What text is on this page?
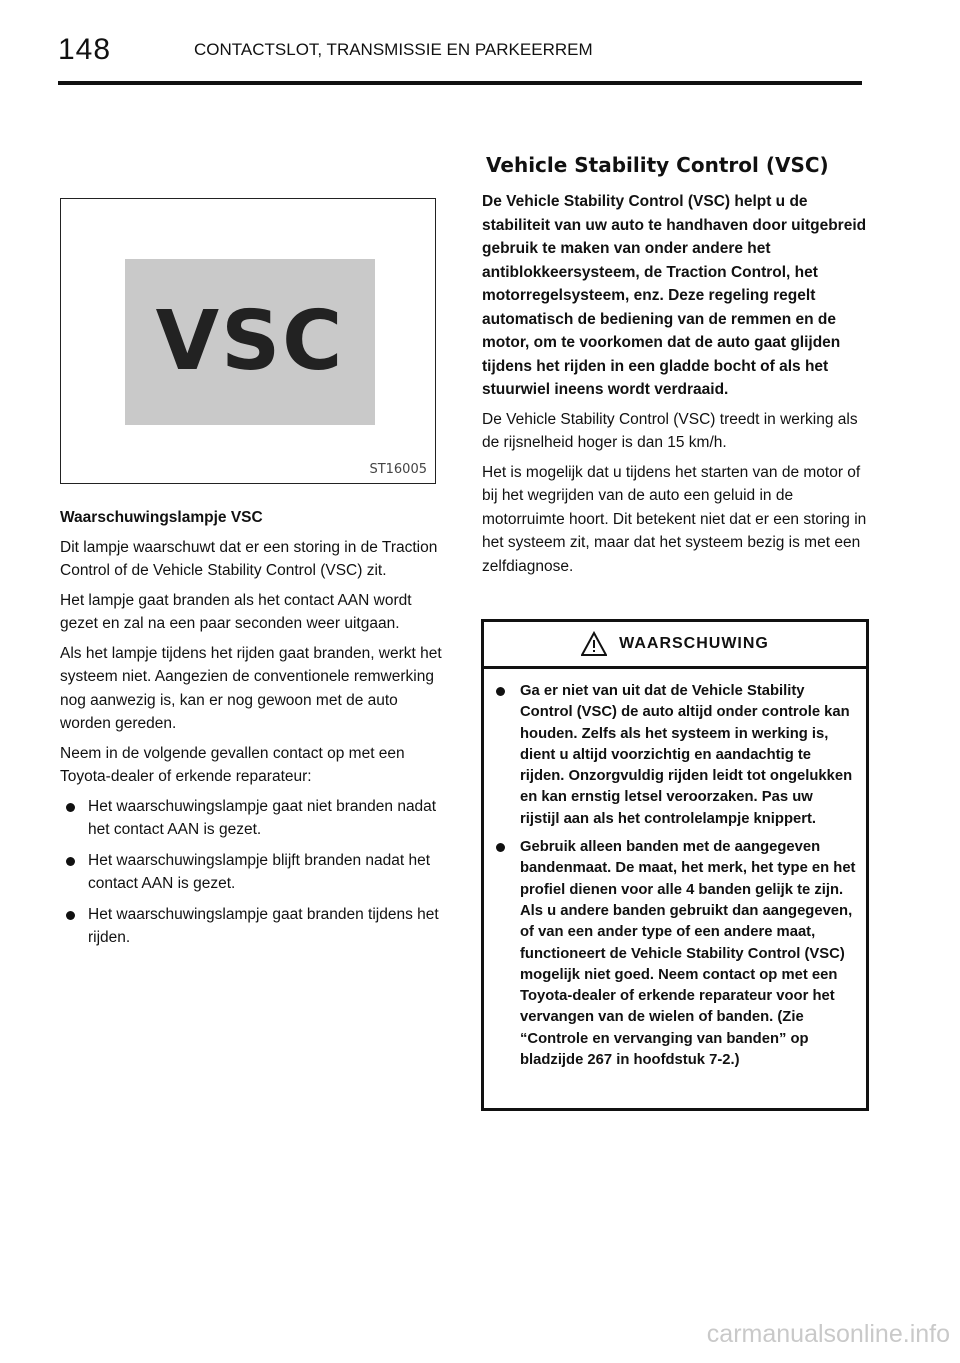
148	CONTACTSLOT, TRANSMISSIE EN PARKEERREM
VSC
ST16005

Waarschuwingslampje VSC

Dit lampje waarschuwt dat er een storing in de Traction Control of de Vehicle Stability Control (VSC) zit.

Het lampje gaat branden als het contact AAN wordt gezet en zal na een paar seconden weer uitgaan.

Als het lampje tijdens het rijden gaat branden, werkt het systeem niet. Aangezien de conventionele remwerking nog aanwezig is, kan er nog gewoon met de auto worden gereden.

Neem in de volgende gevallen contact op met een Toyota-dealer of erkende reparateur:

Het waarschuwingslampje gaat niet branden nadat het contact AAN is gezet.
Het waarschuwingslampje blijft branden nadat het contact AAN is gezet.
Het waarschuwingslampje gaat branden tijdens het rijden.
Vehicle Stability Control (VSC)

De Vehicle Stability Control (VSC) helpt u de stabiliteit van uw auto te handhaven door uitgebreid gebruik te maken van onder andere het antiblokkeersysteem, de Traction Control, het motorregelsysteem, enz. Deze regeling regelt automatisch de bediening van de remmen en de motor, om te voorkomen dat de auto gaat glijden tijdens het rijden in een gladde bocht of als het stuurwiel ineens wordt verdraaid.

De Vehicle Stability Control (VSC) treedt in werking als de rijsnelheid hoger is dan 15 km/h.

Het is mogelijk dat u tijdens het starten van de motor of bij het wegrijden van de auto een geluid in de motorruimte hoort. Dit betekent niet dat er een storing in het systeem zit, maar dat het systeem bezig is met een zelfdiagnose.

WAARSCHUWING
Ga er niet van uit dat de Vehicle Stability Control (VSC) de auto altijd onder controle kan houden. Zelfs als het systeem in werking is, dient u altijd voorzichtig en aandachtig te rijden. Onzorgvuldig rijden leidt tot ongelukken en kan ernstig letsel veroorzaken. Pas uw rijstijl aan als het controlelampje knippert.
Gebruik alleen banden met de aangegeven bandenmaat. De maat, het merk, het type en het profiel dienen voor alle 4 banden gelijk te zijn. Als u andere banden gebruikt dan aangegeven, of van een ander type of een andere maat, functioneert de Vehicle Stability Control (VSC) mogelijk niet goed. Neem contact op met een Toyota-dealer of erkende reparateur voor het vervangen van de wielen of banden. (Zie “Controle en vervanging van banden” op bladzijde 267 in hoofdstuk 7-2.)
carmanualsonline.info
